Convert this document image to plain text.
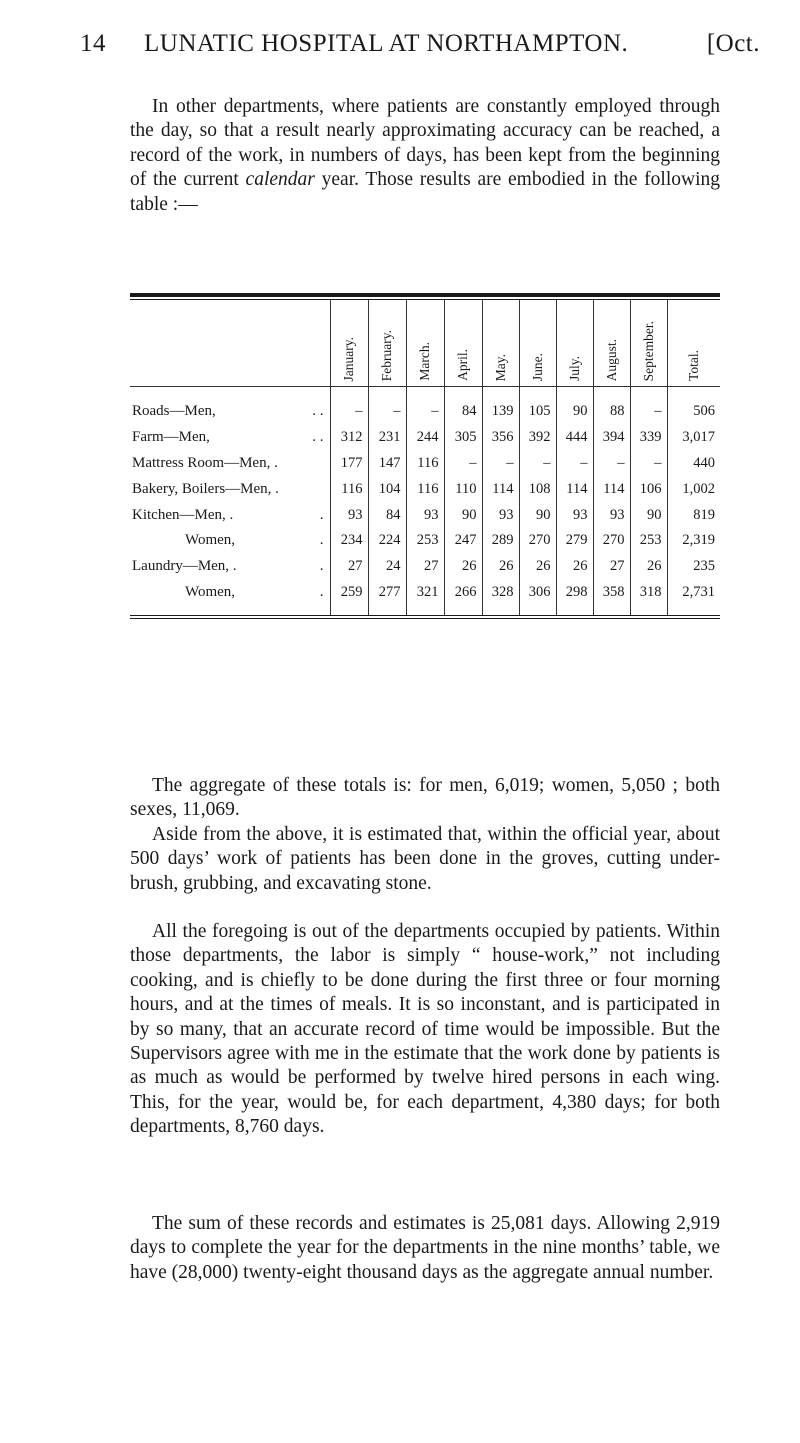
14 LUNATIC HOSPITAL AT NORTHAMPTON.	[Oct.

In other departments, where patients are constantly employed through the day, so that a result nearly approximating accuracy can be reached, a record of the work, in numbers of days, has been kept from the beginning of the current calendar year. Those results are embodied in the following table :—

	January.	February.	March.	April.	May.	June.	July.	August.	September.	Total.
Roads—Men, . .	–	–	–	84	139	105	90	88	–	506
Farm—Men, . .	312	231	244	305	356	392	444	394	339	3,017
Mattress Room—Men, .	177	147	116	–	–	–	–	–	–	440
Bakery, Boilers—Men, .	116	104	116	110	114	108	114	114	106	1,002
Kitchen—Men, . .	93	84	93	90	93	90	93	93	90	819
Women, .	234	224	253	247	289	270	279	270	253	2,319
Laundry—Men, . .	27	24	27	26	26	26	26	27	26	235
Women, .	259	277	321	266	328	306	298	358	318	2,731

The aggregate of these totals is: for men, 6,019; women, 5,050 ; both sexes, 11,069.

Aside from the above, it is estimated that, within the official year, about 500 days’ work of patients has been done in the groves, cutting under-brush, grubbing, and excavating stone.

All the foregoing is out of the departments occupied by patients. Within those departments, the labor is simply “ house-work,” not including cooking, and is chiefly to be done during the first three or four morning hours, and at the times of meals. It is so inconstant, and is participated in by so many, that an accurate record of time would be impossible. But the Supervisors agree with me in the estimate that the work done by patients is as much as would be performed by twelve hired persons in each wing. This, for the year, would be, for each department, 4,380 days; for both departments, 8,760 days.

The sum of these records and estimates is 25,081 days. Allowing 2,919 days to complete the year for the departments in the nine months’ table, we have (28,000) twenty-eight thousand days as the aggregate annual number.
